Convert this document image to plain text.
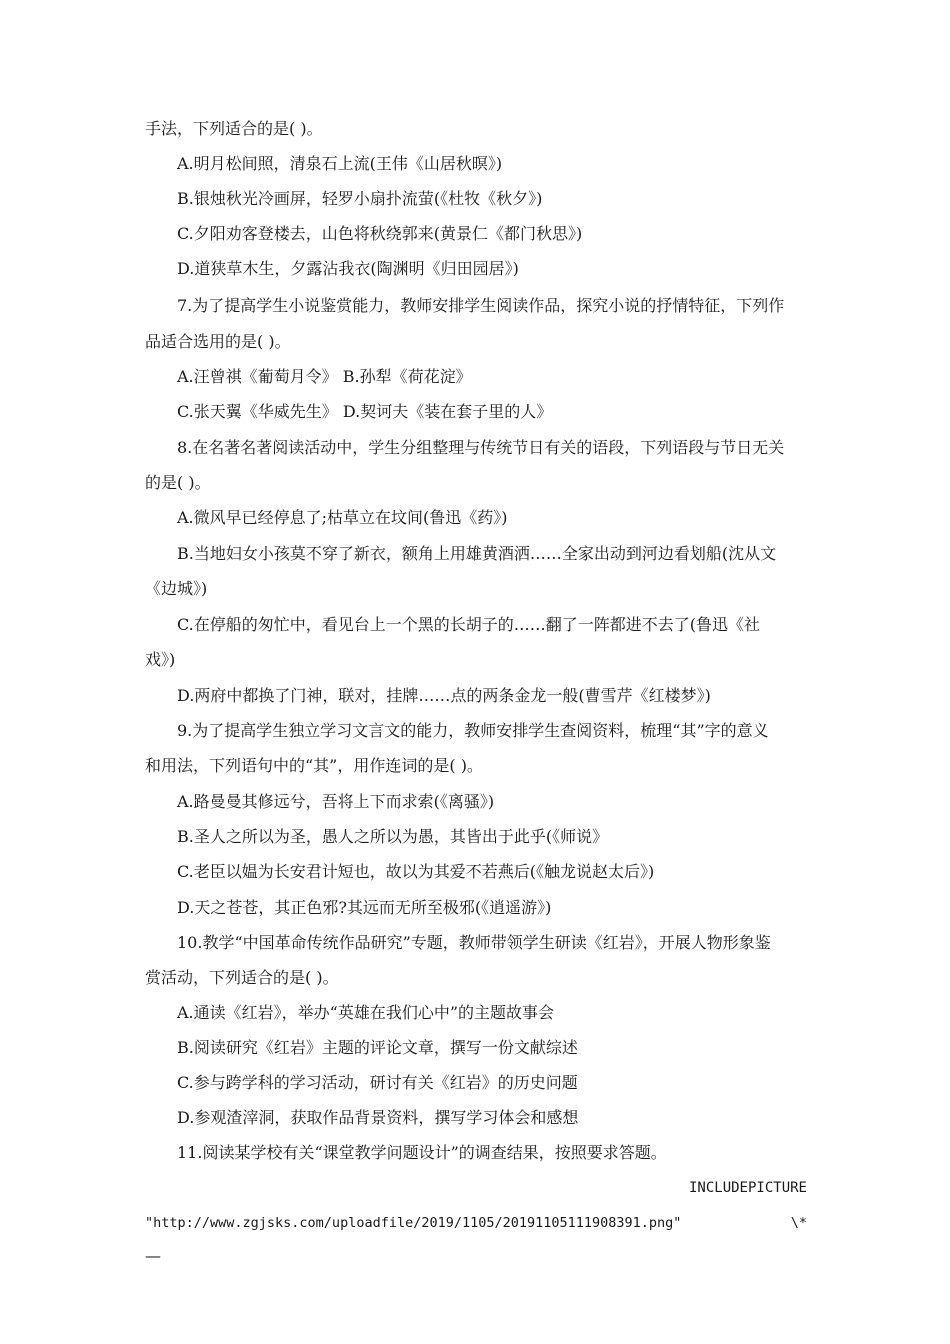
手法，下列适合的是( )。
A.明月松间照，清泉石上流(王伟《山居秋暝》)
B.银烛秋光冷画屏，轻罗小扇扑流萤(《杜牧《秋夕》)
C.夕阳劝客登楼去，山色将秋绕郭来(黄景仁《都门秋思》)
D.道狭草木生，夕露沾我衣(陶渊明《归田园居》)
7.为了提高学生小说鉴赏能力，教师安排学生阅读作品，探究小说的抒情特征，下列作
品适合选用的是( )。
A.汪曾祺《葡萄月令》 B.孙犁《荷花淀》
C.张天翼《华威先生》 D.契诃夫《装在套子里的人》
8.在名著名著阅读活动中，学生分组整理与传统节日有关的语段，下列语段与节日无关
的是( )。
A.微风早已经停息了;枯草立在坟间(鲁迅《药》)
B.当地妇女小孩莫不穿了新衣，额角上用雄黄酒洒……全家出动到河边看划船(沈从文
《边城》)
C.在停船的匆忙中，看见台上一个黑的长胡子的……翻了一阵都进不去了(鲁迅《社
戏》)
D.两府中都换了门神，联对，挂牌……点的两条金龙一般(曹雪芹《红楼梦》)
9.为了提高学生独立学习文言文的能力，教师安排学生查阅资料，梳理“其”字的意义
和用法，下列语句中的“其”，用作连词的是( )。
A.路曼曼其修远兮，吾将上下而求索(《离骚》)
B.圣人之所以为圣，愚人之所以为愚，其皆出于此乎(《师说》
C.老臣以媪为长安君计短也，故以为其爱不若燕后(《触龙说赵太后》)
D.天之苍苍，其正色邪?其远而无所至极邪(《逍遥游》)
10.教学“中国革命传统作品研究”专题，教师带领学生研读《红岩》，开展人物形象鉴
赏活动，下列适合的是( )。
A.通读《红岩》，举办“英雄在我们心中”的主题故事会
B.阅读研究《红岩》主题的评论文章，撰写一份文献综述
C.参与跨学科的学习活动，研讨有关《红岩》的历史问题
D.参观渣滓洞，获取作品背景资料，撰写学习体会和感想
11.阅读某学校有关“课堂教学问题设计”的调查结果，按照要求答题。
INCLUDEPICTURE
"http://www.zgjsks.com/uploadfile/2019/1105/20191105111908391.png"	\*
—
